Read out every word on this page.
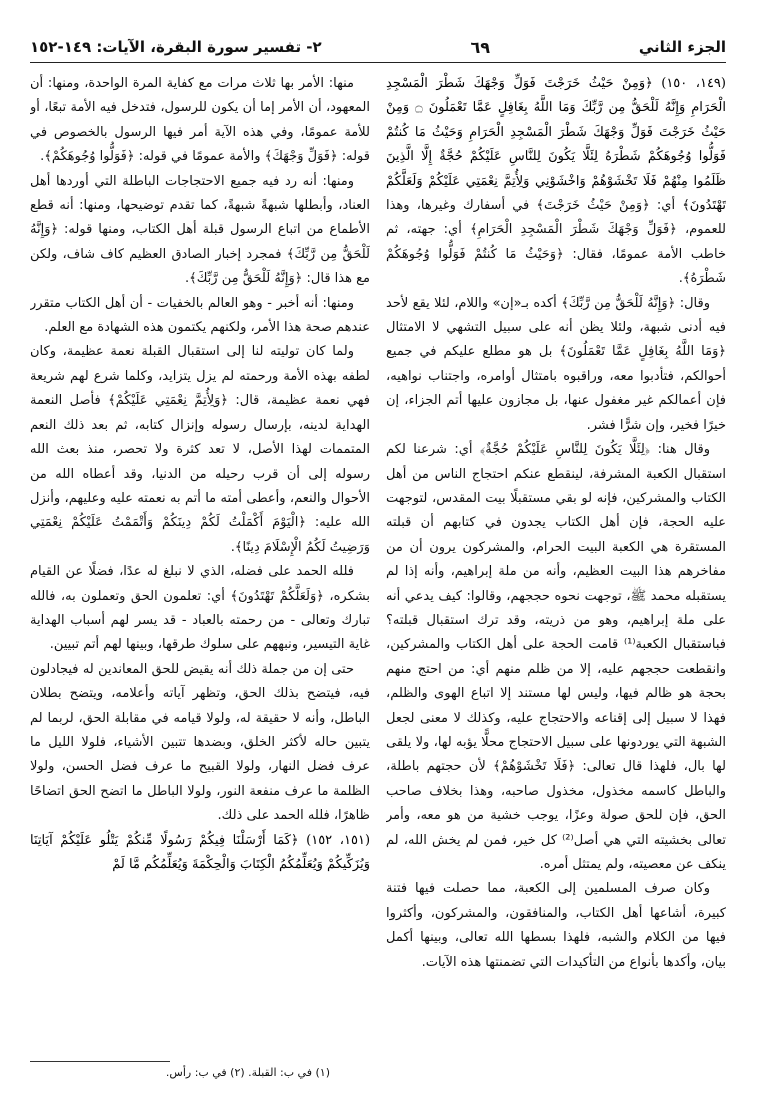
الجزء الثاني
٦٩
٢- تفسير سورة البقرة، الآيات: ١٤٩-١٥٢

(١٤٩، ١٥٠) ﴿وَمِنْ حَيْثُ خَرَجْتَ فَوَلِّ وَجْهَكَ شَطْرَ الْمَسْجِدِ الْحَرَامِ وَإِنَّهُ لَلْحَقُّ مِن رَّبِّكَ وَمَا اللَّهُ بِغَافِلٍ عَمَّا تَعْمَلُونَ ۝ وَمِنْ حَيْثُ خَرَجْتَ فَوَلِّ وَجْهَكَ شَطْرَ الْمَسْجِدِ الْحَرَامِ وَحَيْثُ مَا كُنتُمْ فَوَلُّوا وُجُوهَكُمْ شَطْرَهُ لِئَلَّا يَكُونَ لِلنَّاسِ عَلَيْكُمْ حُجَّةٌ إِلَّا الَّذِينَ ظَلَمُوا مِنْهُمْ فَلَا تَخْشَوْهُمْ وَاخْشَوْنِي وَلِأُتِمَّ نِعْمَتِي عَلَيْكُمْ وَلَعَلَّكُمْ تَهْتَدُونَ﴾ أي: ﴿وَمِنْ حَيْثُ خَرَجْتَ﴾ في أسفارك وغيرها، وهذا للعموم، ﴿فَوَلِّ وَجْهَكَ شَطْرَ الْمَسْجِدِ الْحَرَامِ﴾ أي: جهته، ثم خاطب الأمة عمومًا، فقال: ﴿وَحَيْثُ مَا كُنتُمْ فَوَلُّوا وُجُوهَكُمْ شَطْرَهُ﴾.

وقال: ﴿وَإِنَّهُ لَلْحَقُّ مِن رَّبِّكَ﴾ أكده بـ«إن» واللام، لئلا يقع لأحد فيه أدنى شبهة، ولئلا يظن أنه على سبيل التشهي لا الامتثال ﴿وَمَا اللَّهُ بِغَافِلٍ عَمَّا تَعْمَلُونَ﴾ بل هو مطلع عليكم في جميع أحوالكم، فتأدبوا معه، وراقبوه بامتثال أوامره، واجتناب نواهيه، فإن أعمالكم غير مغفول عنها، بل مجازون عليها أتم الجزاء، إن خيرًا فخير، وإن شرًّا فشر.

وقال هنا: ﴿لِئَلَّا يَكُونَ لِلنَّاسِ عَلَيْكُمْ حُجَّةٌ﴾ أي: شرعنا لكم استقبال الكعبة المشرفة، لينقطع عنكم احتجاج الناس من أهل الكتاب والمشركين، فإنه لو بقي مستقبلًا بيت المقدس، لتوجهت عليه الحجة، فإن أهل الكتاب يجدون في كتابهم أن قبلته المستقرة هي الكعبة البيت الحرام، والمشركون يرون أن من مفاخرهم هذا البيت العظيم، وأنه من ملة إبراهيم، وأنه إذا لم يستقبله محمد ﷺ، توجهت نحوه حججهم، وقالوا: كيف يدعي أنه على ملة إبراهيم، وهو من ذريته، وقد ترك استقبال قبلته؟ فباستقبال الكعبة⁽¹⁾ قامت الحجة على أهل الكتاب والمشركين، وانقطعت حججهم عليه، إلا من ظلم منهم أي: من احتج منهم بحجة هو ظالم فيها، وليس لها مستند إلا اتباع الهوى والظلم، فهذا لا سبيل إلى إقناعه والاحتجاج عليه، وكذلك لا معنى لجعل الشبهة التي يوردونها على سبيل الاحتجاج محلًّا يؤبه لها، ولا يلقى لها بال، فلهذا قال تعالى: ﴿فَلَا تَخْشَوْهُمْ﴾ لأن حجتهم باطلة، والباطل كاسمه مخذول، مخذول صاحبه، وهذا بخلاف صاحب الحق، فإن للحق صولة وعزًا، يوجب خشية من هو معه، وأمر تعالى بخشيته التي هي أصل⁽²⁾ كل خير، فمن لم يخش الله، لم ينكف عن معصيته، ولم يمتثل أمره.

وكان صرف المسلمين إلى الكعبة، مما حصلت فيها فتنة كبيرة، أشاعها أهل الكتاب، والمنافقون، والمشركون، وأكثروا فيها من الكلام والشبه، فلهذا بسطها الله تعالى، وبينها أكمل بيان، وأكدها بأنواع من التأكيدات التي تضمنتها هذه الآيات.

منها: الأمر بها ثلاث مرات مع كفاية المرة الواحدة، ومنها: أن المعهود، أن الأمر إما أن يكون للرسول، فتدخل فيه الأمة تبعًا، أو للأمة عمومًا، وفي هذه الآية أمر فيها الرسول بالخصوص في قوله: ﴿فَوَلِّ وَجْهَكَ﴾ والأمة عمومًا في قوله: ﴿فَوَلُّوا وُجُوهَكُمْ﴾.

ومنها: أنه رد فيه جميع الاحتجاجات الباطلة التي أوردها أهل العناد، وأبطلها شبهةً شبهةً، كما تقدم توضيحها، ومنها: أنه قطع الأطماع من اتباع الرسول قبلة أهل الكتاب، ومنها قوله: ﴿وَإِنَّهُ لَلْحَقُّ مِن رَّبِّكَ﴾ فمجرد إخبار الصادق العظيم كاف شاف، ولكن مع هذا قال: ﴿وَإِنَّهُ لَلْحَقُّ مِن رَّبِّكَ﴾.

ومنها: أنه أخبر - وهو العالم بالخفيات - أن أهل الكتاب متقرر عندهم صحة هذا الأمر، ولكنهم يكتمون هذه الشهادة مع العلم.

ولما كان توليته لنا إلى استقبال القبلة نعمة عظيمة، وكان لطفه بهذه الأمة ورحمته لم يزل يتزايد، وكلما شرع لهم شريعة فهي نعمة عظيمة، قال: ﴿وَلِأُتِمَّ نِعْمَتِي عَلَيْكُمْ﴾ فأصل النعمة الهداية لدينه، بإرسال رسوله وإنزال كتابه، ثم بعد ذلك النعم المتممات لهذا الأصل، لا تعد كثرة ولا تحصر، منذ بعث الله رسوله إلى أن قرب رحيله من الدنيا، وقد أعطاه الله من الأحوال والنعم، وأعطى أمته ما أتم به نعمته عليه وعليهم، وأنزل الله عليه: ﴿الْيَوْمَ أَكْمَلْتُ لَكُمْ دِينَكُمْ وَأَتْمَمْتُ عَلَيْكُمْ نِعْمَتِي وَرَضِيتُ لَكُمُ الْإِسْلَامَ دِينًا﴾.

فلله الحمد على فضله، الذي لا نبلغ له عدًا، فضلًا عن القيام بشكره، ﴿وَلَعَلَّكُمْ تَهْتَدُونَ﴾ أي: تعلمون الحق وتعملون به، فالله تبارك وتعالى - من رحمته بالعباد - قد يسر لهم أسباب الهداية غاية التيسير، ونبههم على سلوك طرقها، وبينها لهم أتم تبيين.

حتى إن من جملة ذلك أنه يقيض للحق المعاندين له فيجادلون فيه، فيتضح بذلك الحق، وتظهر آياته وأعلامه، ويتضح بطلان الباطل، وأنه لا حقيقة له، ولولا قيامه في مقابلة الحق، لربما لم يتبين حاله لأكثر الخلق، وبضدها تتبين الأشياء، فلولا الليل ما عرف فضل النهار، ولولا القبيح ما عرف فضل الحسن، ولولا الظلمة ما عرف منفعة النور، ولولا الباطل ما اتضح الحق اتضاحًا ظاهرًا، فلله الحمد على ذلك.

(١٥١، ١٥٢) ﴿كَمَا أَرْسَلْنَا فِيكُمْ رَسُولًا مِّنكُمْ يَتْلُو عَلَيْكُمْ آيَاتِنَا وَيُزَكِّيكُمْ وَيُعَلِّمُكُمُ الْكِتَابَ وَالْحِكْمَةَ وَيُعَلِّمُكُم مَّا لَمْ

(١) في ب: القبلة. (٢) في ب: رأس.
